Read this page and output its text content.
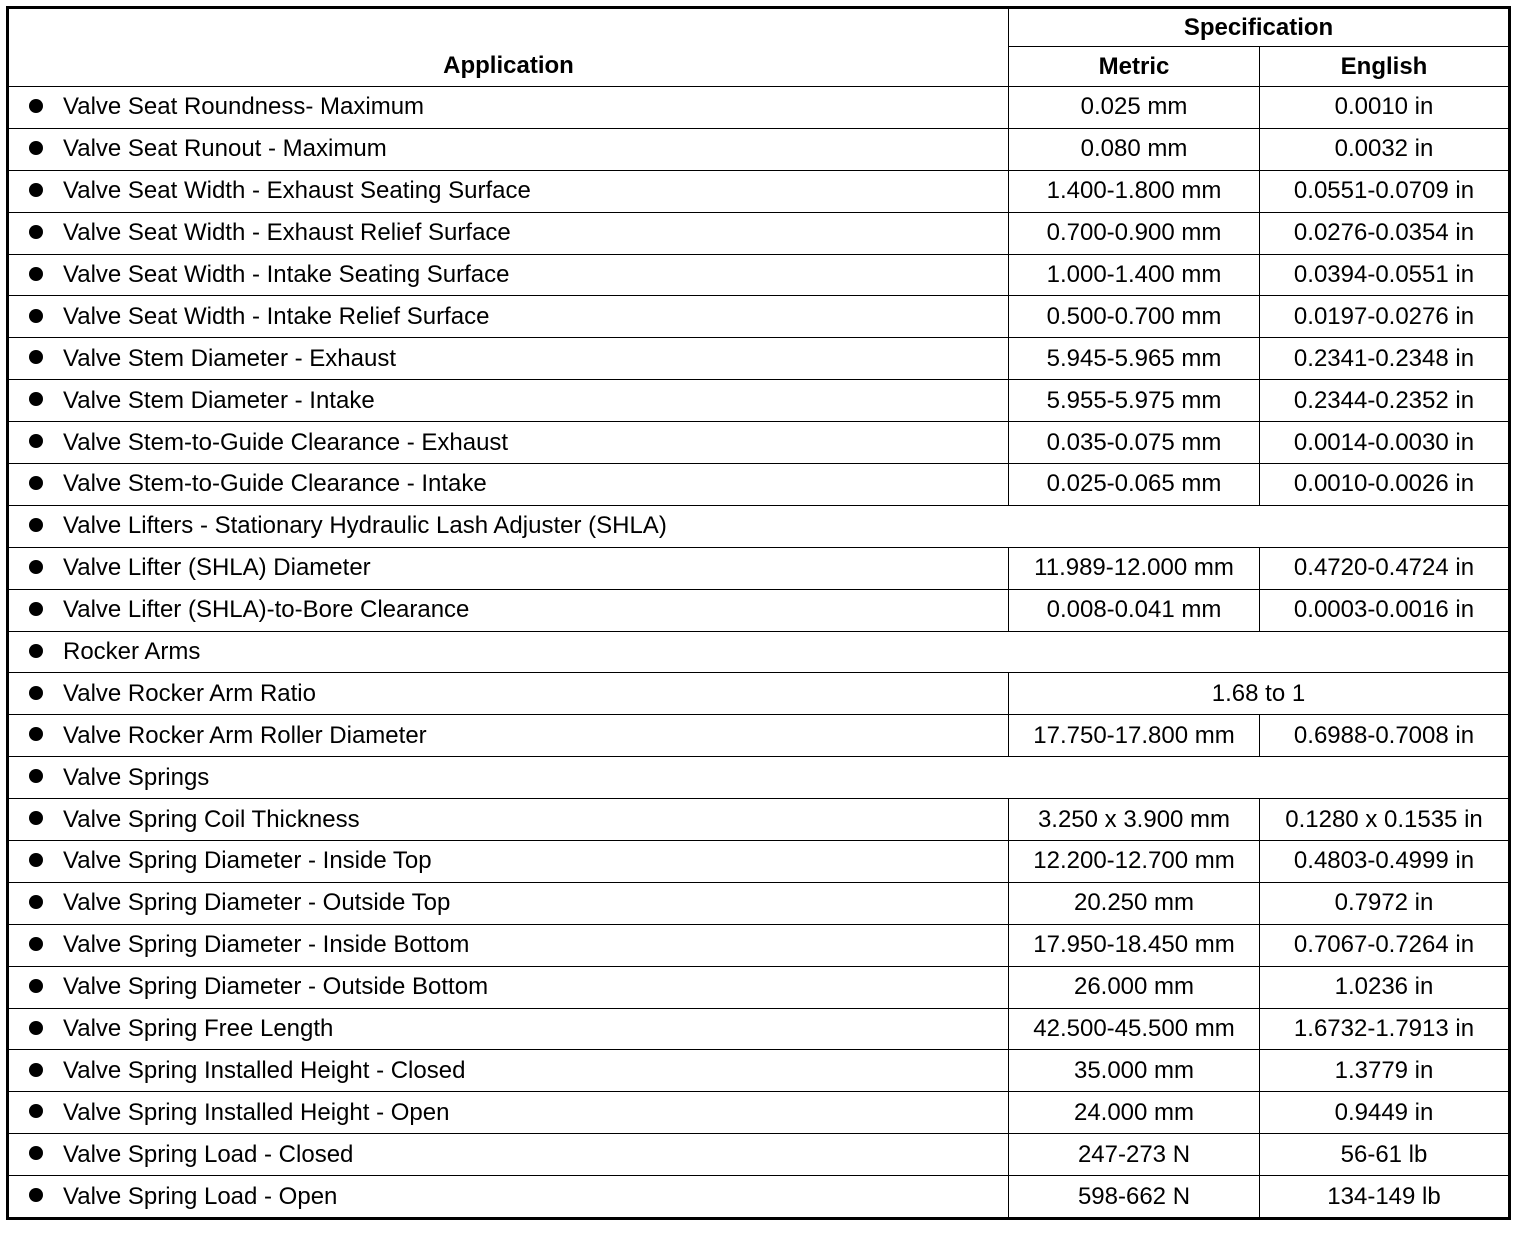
Application	Specification	
	Metric	English
Valve Seat Roundness- Maximum	0.025 mm	0.0010 in
Valve Seat Runout - Maximum	0.080 mm	0.0032 in
Valve Seat Width - Exhaust Seating Surface	1.400-1.800 mm	0.0551-0.0709 in
Valve Seat Width - Exhaust Relief Surface	0.700-0.900 mm	0.0276-0.0354 in
Valve Seat Width - Intake Seating Surface	1.000-1.400 mm	0.0394-0.0551 in
Valve Seat Width - Intake Relief Surface	0.500-0.700 mm	0.0197-0.0276 in
Valve Stem Diameter - Exhaust	5.945-5.965 mm	0.2341-0.2348 in
Valve Stem Diameter - Intake	5.955-5.975 mm	0.2344-0.2352 in
Valve Stem-to-Guide Clearance - Exhaust	0.035-0.075 mm	0.0014-0.0030 in
Valve Stem-to-Guide Clearance - Intake	0.025-0.065 mm	0.0010-0.0026 in
Valve Lifters - Stationary Hydraulic Lash Adjuster (SHLA)		
Valve Lifter (SHLA) Diameter	11.989-12.000 mm	0.4720-0.4724 in
Valve Lifter (SHLA)-to-Bore Clearance	0.008-0.041 mm	0.0003-0.0016 in
Rocker Arms		
Valve Rocker Arm Ratio	1.68 to 1	
Valve Rocker Arm Roller Diameter	17.750-17.800 mm	0.6988-0.7008 in
Valve Springs		
Valve Spring Coil Thickness	3.250 x 3.900 mm	0.1280 x 0.1535 in
Valve Spring Diameter - Inside Top	12.200-12.700 mm	0.4803-0.4999 in
Valve Spring Diameter - Outside Top	20.250 mm	0.7972 in
Valve Spring Diameter - Inside Bottom	17.950-18.450 mm	0.7067-0.7264 in
Valve Spring Diameter - Outside Bottom	26.000 mm	1.0236 in
Valve Spring Free Length	42.500-45.500 mm	1.6732-1.7913 in
Valve Spring Installed Height - Closed	35.000 mm	1.3779 in
Valve Spring Installed Height - Open	24.000 mm	0.9449 in
Valve Spring Load - Closed	247-273 N	56-61 lb
Valve Spring Load - Open	598-662 N	134-149 lb
